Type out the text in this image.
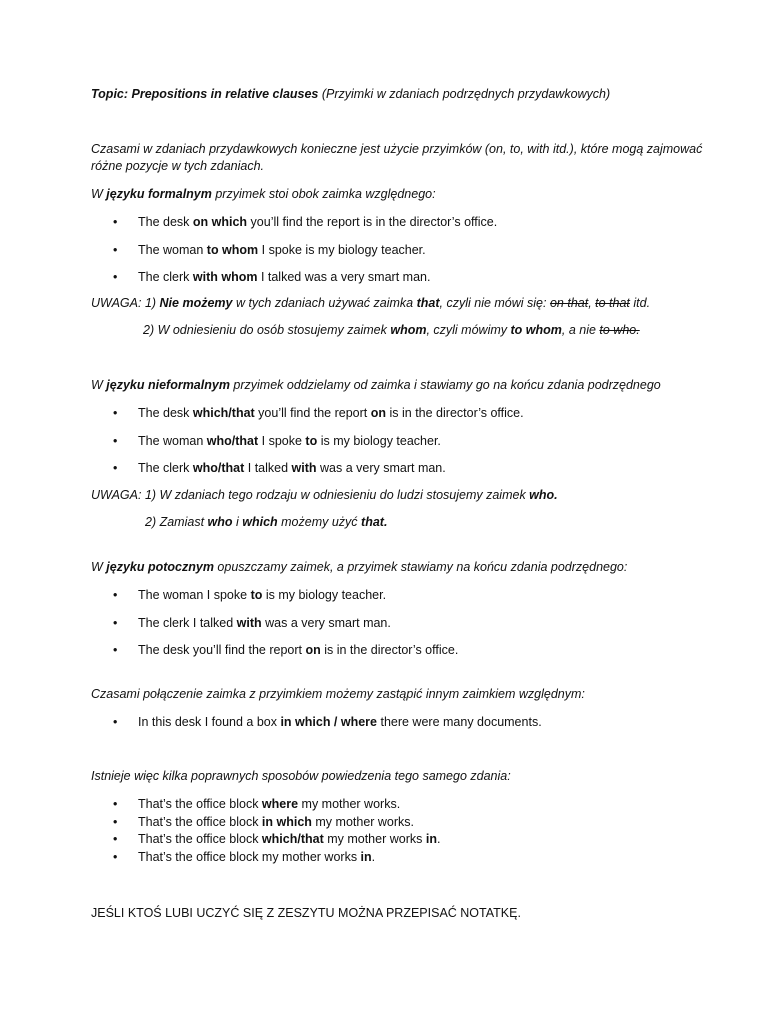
Topic: Prepositions in relative clauses (Przyimki w zdaniach podrzędnych przydawkowych)
Czasami w zdaniach przydawkowych konieczne jest użycie przyimków (on, to, with itd.), które mogą zajmować różne pozycje w tych zdaniach.
W języku formalnym przyimek stoi obok zaimka względnego:
• The desk on which you’ll find the report is in the director’s office.
• The woman to whom I spoke is my biology teacher.
• The clerk with whom I talked was a very smart man.
UWAGA: 1) Nie możemy w tych zdaniach używać zaimka that, czyli nie mówi się: on that, to that itd.
2) W odniesieniu do osób stosujemy zaimek whom, czyli mówimy to whom, a nie to who.
W języku nieformalnym przyimek oddzielamy od zaimka i stawiamy go na końcu zdania podrzędnego
• The desk which/that you’ll find the report on is in the director’s office.
• The woman who/that I spoke to is my biology teacher.
• The clerk who/that I talked with was a very smart man.
UWAGA: 1) W zdaniach tego rodzaju w odniesieniu do ludzi stosujemy zaimek who.
2) Zamiast who i which możemy użyć that.
W języku potocznym opuszczamy zaimek, a przyimek stawiamy na końcu zdania podrzędnego:
• The woman I spoke to is my biology teacher.
• The clerk I talked with was a very smart man.
• The desk you’ll find the report on is in the director’s office.
Czasami połączenie zaimka z przyimkiem możemy zastąpić innym zaimkiem względnym:
• In this desk I found a box in which / where there were many documents.
Istnieje więc kilka poprawnych sposobów powiedzenia tego samego zdania:
• That’s the office block where my mother works.
• That’s the office block in which my mother works.
• That’s the office block which/that my mother works in.
• That’s the office block my mother works in.
JEŚLI KTOŚ LUBI UCZYĆ SIĘ Z ZESZYTU MOŻNA PRZEPISAĆ NOTATKĘ.
